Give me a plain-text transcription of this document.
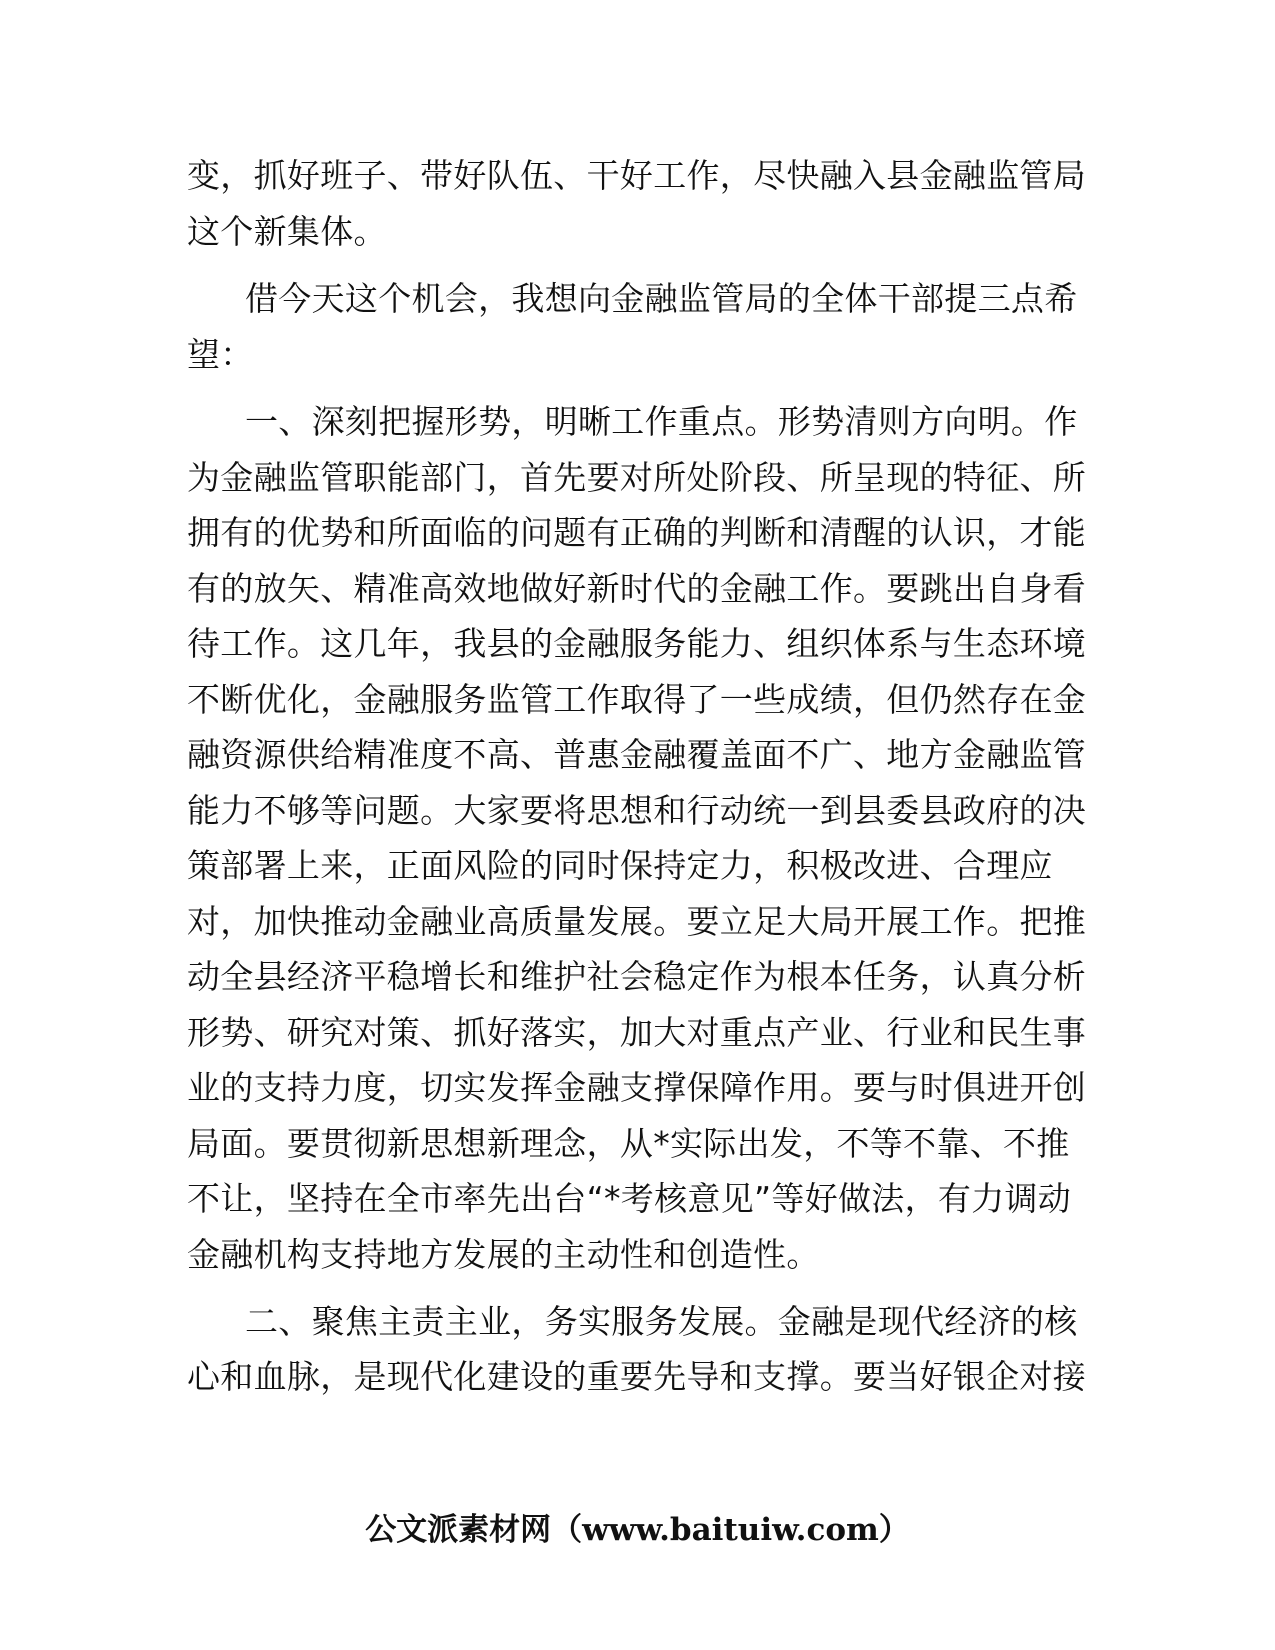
变，抓好班子、带好队伍、干好工作，尽快融入县金融监管局
这个新集体。
借今天这个机会，我想向金融监管局的全体干部提三点希
望：
一、深刻把握形势，明晰工作重点。形势清则方向明。作
为金融监管职能部门，首先要对所处阶段、所呈现的特征、所
拥有的优势和所面临的问题有正确的判断和清醒的认识，才能
有的放矢、精准高效地做好新时代的金融工作。要跳出自身看
待工作。这几年，我县的金融服务能力、组织体系与生态环境
不断优化，金融服务监管工作取得了一些成绩，但仍然存在金
融资源供给精准度不高、普惠金融覆盖面不广、地方金融监管
能力不够等问题。大家要将思想和行动统一到县委县政府的决
策部署上来，正面风险的同时保持定力，积极改进、合理应
对，加快推动金融业高质量发展。要立足大局开展工作。把推
动全县经济平稳增长和维护社会稳定作为根本任务，认真分析
形势、研究对策、抓好落实，加大对重点产业、行业和民生事
业的支持力度，切实发挥金融支撑保障作用。要与时俱进开创
局面。要贯彻新思想新理念，从*实际出发，不等不靠、不推
不让，坚持在全市率先出台“*考核意见”等好做法，有力调动
金融机构支持地方发展的主动性和创造性。
二、聚焦主责主业，务实服务发展。金融是现代经济的核
心和血脉，是现代化建设的重要先导和支撑。要当好银企对接
公文派素材网（www.baituiw.com）
